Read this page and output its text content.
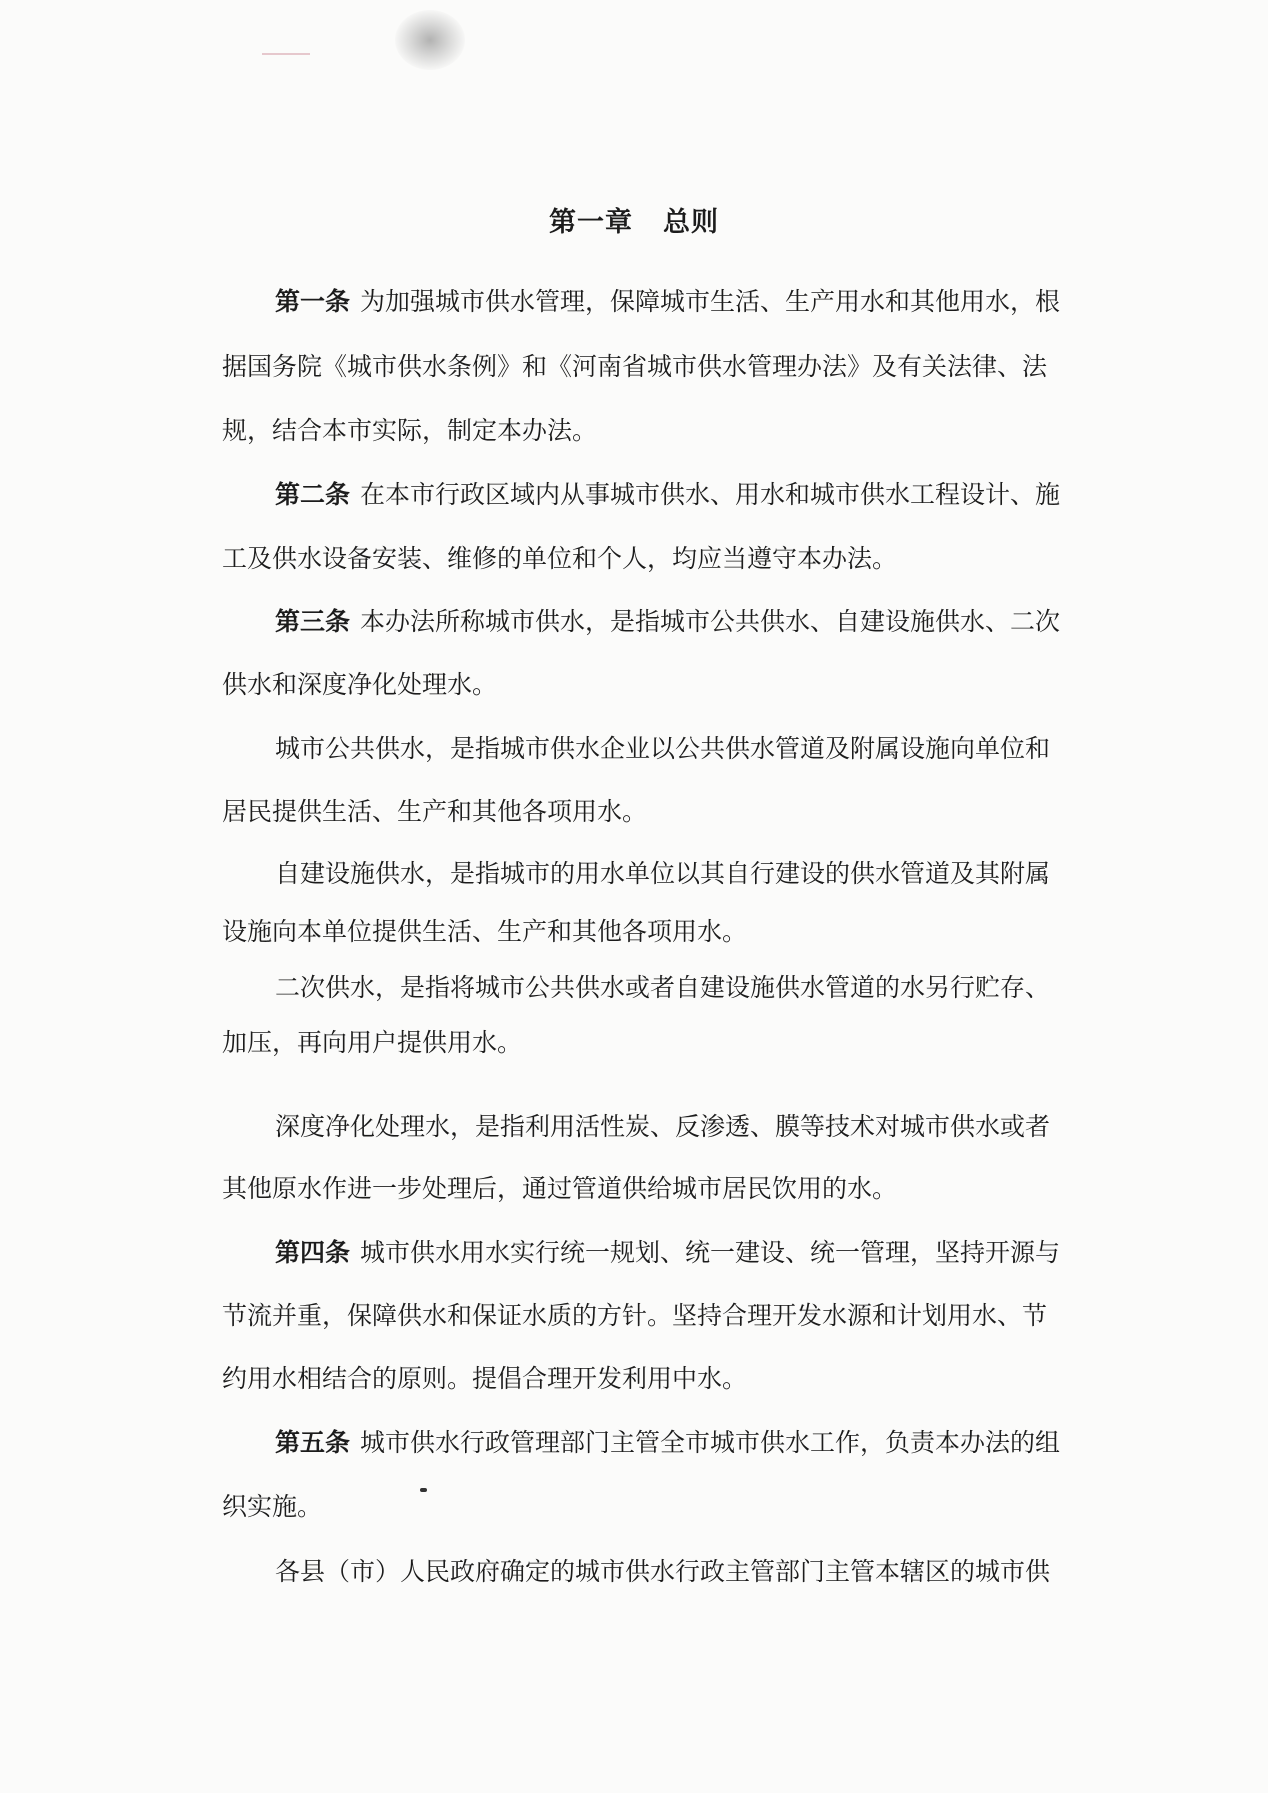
第一章 总则
第一条 为加强城市供水管理，保障城市生活、生产用水和其他用水，根
据国务院《城市供水条例》和《河南省城市供水管理办法》及有关法律、法
规，结合本市实际，制定本办法。
第二条 在本市行政区域内从事城市供水、用水和城市供水工程设计、施
工及供水设备安装、维修的单位和个人，均应当遵守本办法。
第三条 本办法所称城市供水，是指城市公共供水、自建设施供水、二次
供水和深度净化处理水。
城市公共供水，是指城市供水企业以公共供水管道及附属设施向单位和
居民提供生活、生产和其他各项用水。
自建设施供水，是指城市的用水单位以其自行建设的供水管道及其附属
设施向本单位提供生活、生产和其他各项用水。
二次供水，是指将城市公共供水或者自建设施供水管道的水另行贮存、
加压，再向用户提供用水。
深度净化处理水，是指利用活性炭、反渗透、膜等技术对城市供水或者
其他原水作进一步处理后，通过管道供给城市居民饮用的水。
第四条 城市供水用水实行统一规划、统一建设、统一管理，坚持开源与
节流并重，保障供水和保证水质的方针。坚持合理开发水源和计划用水、节
约用水相结合的原则。提倡合理开发利用中水。
第五条 城市供水行政管理部门主管全市城市供水工作，负责本办法的组
织实施。
各县（市）人民政府确定的城市供水行政主管部门主管本辖区的城市供
